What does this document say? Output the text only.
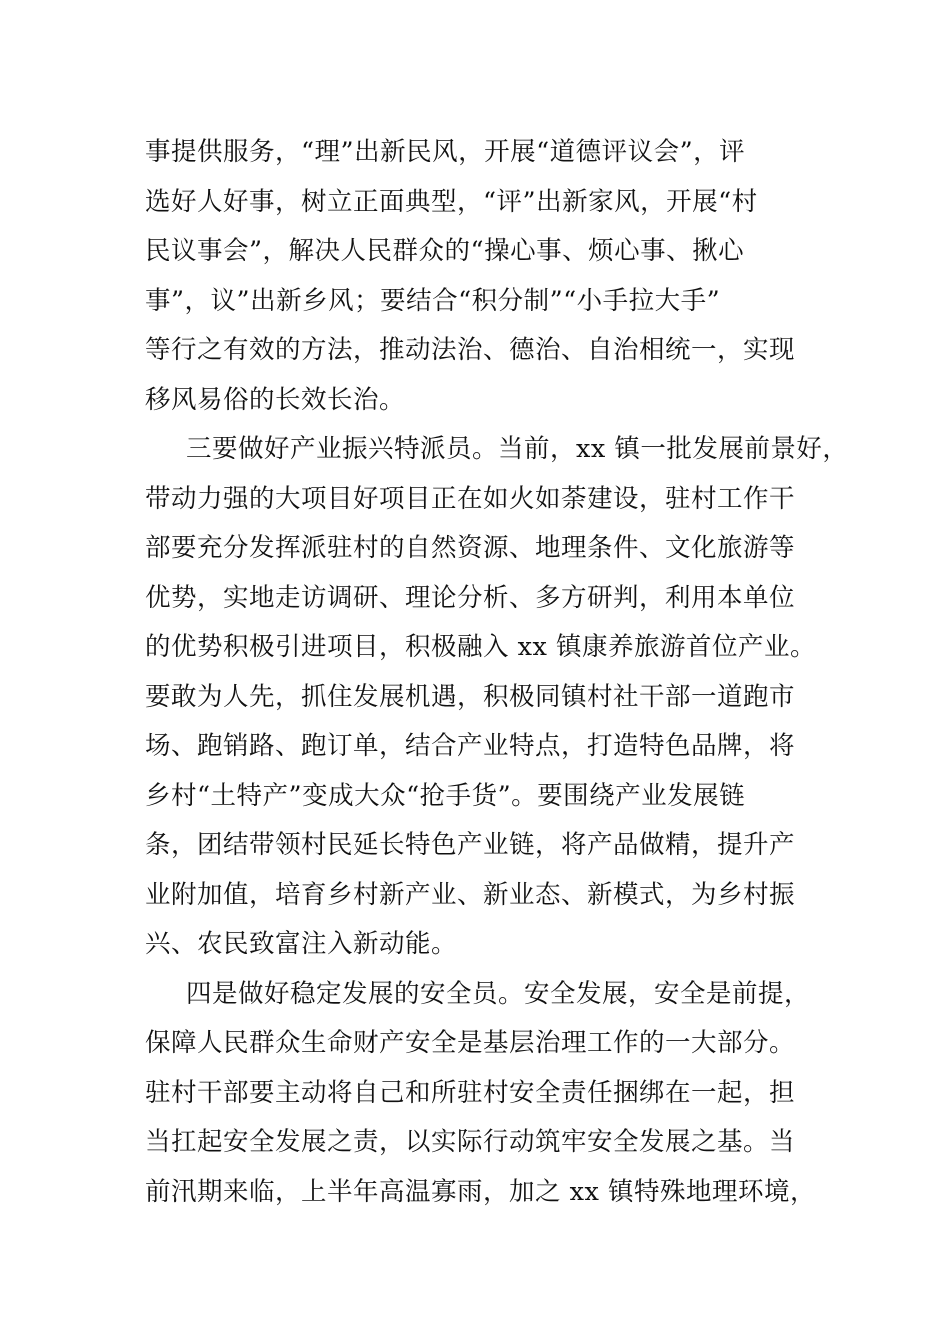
事提供服务，“理”出新民风，开展“道德评议会”，评
选好人好事，树立正面典型，“评”出新家风，开展“村
民议事会”，解决人民群众的“操心事、烦心事、揪心
事”，议”出新乡风；要结合“积分制”“小手拉大手”
等行之有效的方法，推动法治、德治、自治相统一，实现
移风易俗的长效长治。
三要做好产业振兴特派员。当前，xx 镇一批发展前景好，
带动力强的大项目好项目正在如火如荼建设，驻村工作干
部要充分发挥派驻村的自然资源、地理条件、文化旅游等
优势，实地走访调研、理论分析、多方研判，利用本单位
的优势积极引进项目，积极融入 xx 镇康养旅游首位产业。
要敢为人先，抓住发展机遇，积极同镇村社干部一道跑市
场、跑销路、跑订单，结合产业特点，打造特色品牌，将
乡村“土特产”变成大众“抢手货”。要围绕产业发展链
条，团结带领村民延长特色产业链，将产品做精，提升产
业附加值，培育乡村新产业、新业态、新模式，为乡村振
兴、农民致富注入新动能。
四是做好稳定发展的安全员。安全发展，安全是前提，
保障人民群众生命财产安全是基层治理工作的一大部分。
驻村干部要主动将自己和所驻村安全责任捆绑在一起，担
当扛起安全发展之责，以实际行动筑牢安全发展之基。当
前汛期来临，上半年高温寡雨，加之 xx 镇特殊地理环境，
